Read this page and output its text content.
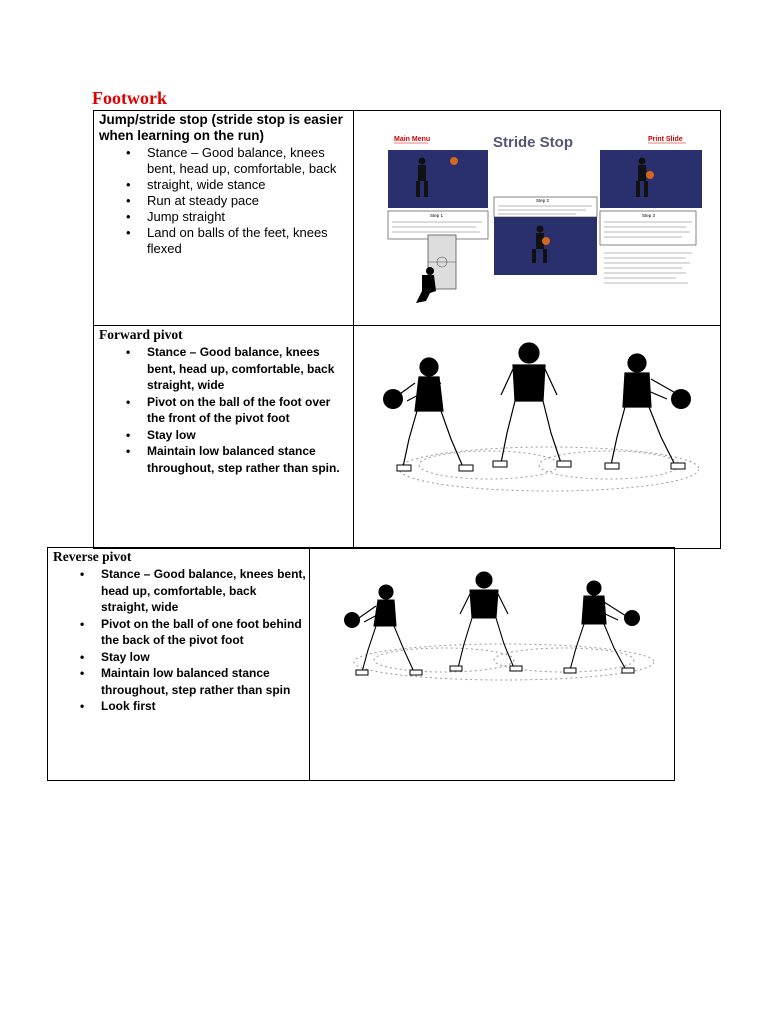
Footwork
Jump/stride stop (stride stop is easier when learning on the run)
• Stance – Good balance, knees bent, head up, comfortable, back
• straight, wide stance
• Run at steady pace
• Jump straight
• Land on balls of the feet, knees flexed
Main Menu	Stride Stop	Print Slide
Step 1
Step 2
Step 3
Forward pivot
• Stance – Good balance, knees bent, head up, comfortable, back straight, wide
• Pivot on the ball of the foot over the front of the pivot foot
• Stay low
• Maintain low balanced stance throughout, step rather than spin.
Reverse pivot
• Stance – Good balance, knees bent, head up, comfortable, back straight, wide
• Pivot on the ball of one foot behind the back of the pivot foot
• Stay low
• Maintain low balanced stance throughout, step rather than spin
• Look first
